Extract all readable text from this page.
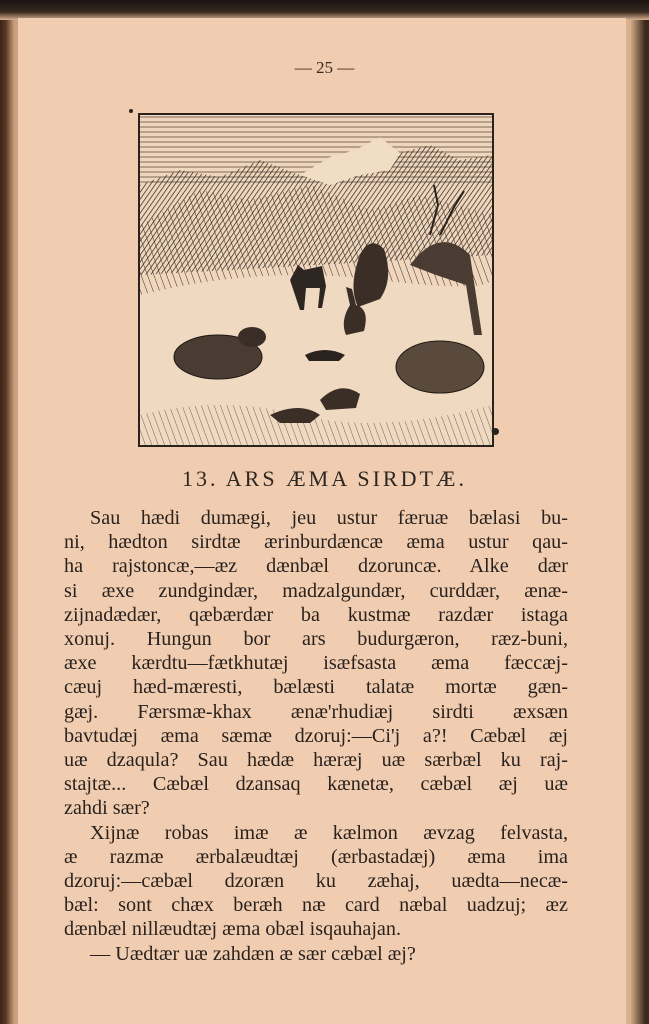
— 25 —
13. ARS ÆMA SIRDTÆ.
Sau hædi dumægi, jeu ustur færuæ bælasi bu-
ni, hædton sirdtæ ærinburdæncæ æma ustur qau-
ha rajstoncæ,—æz dænbæl dzoruncæ. Alke dær
si æxe zundgindær, madzalgundær, curddær, ænæ-
zijnadædær, qæbærdær ba kustmæ razdær istaga
xonuj. Hungun bor ars budurgæron, ræz-buni,
æxe kærdtu—fætkhutæj isæfsasta æma fæccæj-
cæuj hæd-mæresti, bælæsti talatæ mortæ gæn-
gæj. Færsmæ-khax ænæ'rhudiæj sirdti æxsæn
bavtudæj æma sæmæ dzoruj:—Ci'j a?! Cæbæl æj
uæ dzaqula? Sau hædæ hæræj uæ særbæl ku raj-
stajtæ... Cæbæl dzansaq kænetæ, cæbæl æj uæ
zahdi sær?
Xijnæ robas imæ æ kælmon ævzag felvasta,
æ razmæ ærbalæudtæj (ærbastadæj) æma ima
dzoruj:—cæbæl dzoræn ku zæhaj, uædta—necæ-
bæl: sont chæx beræh næ card næbal uadzuj; æz
dænbæl nillæudtæj æma obæl isqauhajan.
— Uædtær uæ zahdæn æ sær cæbæl æj?
